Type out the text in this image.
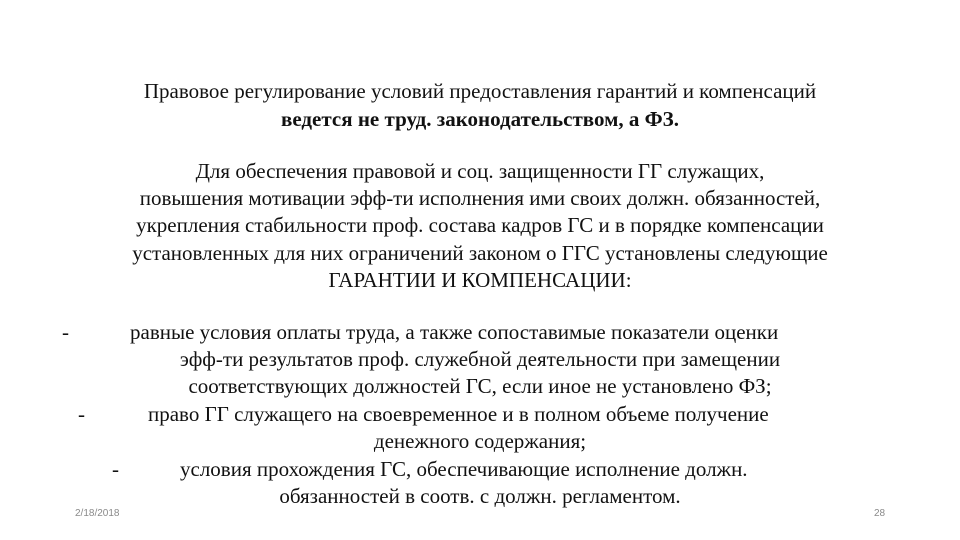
Правовое регулирование условий предоставления гарантий и компенсаций
ведется не труд. законодательством, а ФЗ.
Для обеспечения правовой и соц. защищенности ГГ служащих,
повышения мотивации эфф-ти исполнения ими своих должн. обязанностей,
укрепления стабильности проф. состава кадров ГС и в порядке компенсации
установленных для них ограничений законом о ГГС установлены следующие
ГАРАНТИИ И КОМПЕНСАЦИИ:
-	равные условия оплаты труда, а также сопоставимые показатели оценки
эфф-ти результатов проф. служебной деятельности при замещении
соответствующих должностей ГС, если иное не установлено ФЗ;
-	право ГГ служащего на своевременное и в полном объеме получение
денежного содержания;
-	условия прохождения ГС, обеспечивающие исполнение должн.
обязанностей в соотв. с должн. регламентом.
2/18/2018	28
